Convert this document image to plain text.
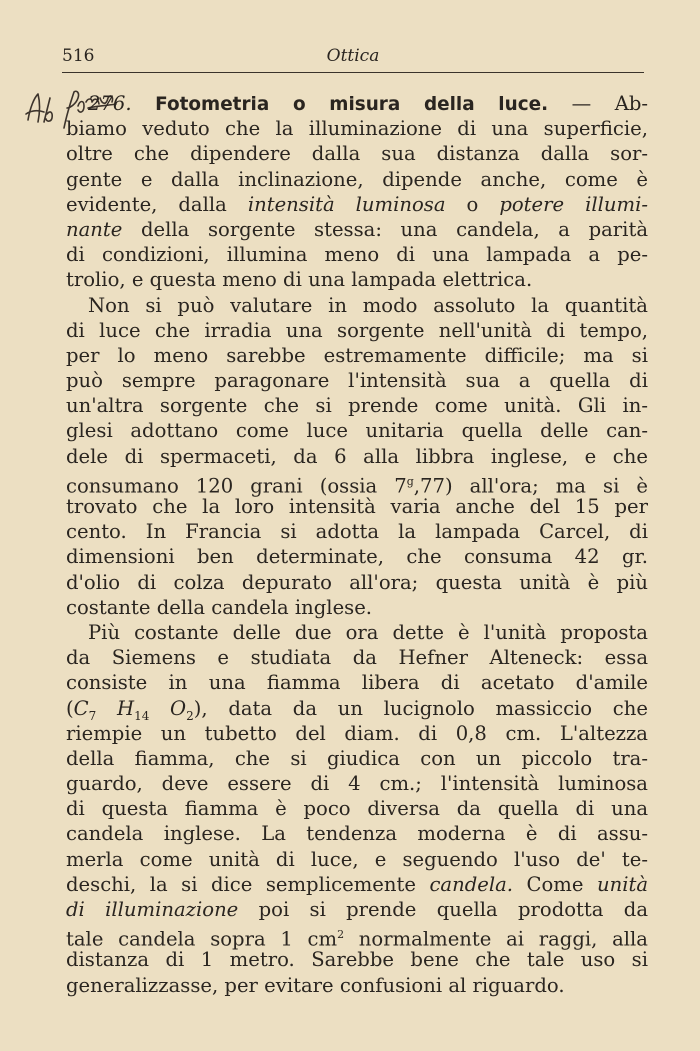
516	Ottica
276. Fotometria o misura della luce. — Ab-
biamo veduto che la illuminazione di una superficie,
oltre che dipendere dalla sua distanza dalla sor-
gente e dalla inclinazione, dipende anche, come è
evidente, dalla intensità luminosa o potere illumi-
nante della sorgente stessa: una candela, a parità
di condizioni, illumina meno di una lampada a pe-
trolio, e questa meno di una lampada elettrica.
Non si può valutare in modo assoluto la quantità
di luce che irradia una sorgente nell'unità di tempo,
per lo meno sarebbe estremamente difficile; ma si
può sempre paragonare l'intensità sua a quella di
un'altra sorgente che si prende come unità. Gli in-
glesi adottano come luce unitaria quella delle can-
dele di spermaceti, da 6 alla libbra inglese, e che
consumano 120 grani (ossia 7$^g$,77) all'ora; ma si è
trovato che la loro intensità varia anche del 15 per
cento. In Francia si adotta la lampada Carcel, di
dimensioni ben determinate, che consuma 42 gr.
d'olio di colza depurato all'ora; questa unità è più
costante della candela inglese.
Più costante delle due ora dette è l'unità proposta
da Siemens e studiata da Hefner Alteneck: essa
consiste in una fiamma libera di acetato d'amile
($C_7$ $H_{14}$ $O_2$), data da un lucignolo massiccio che
riempie un tubetto del diam. di 0,8 cm. L'altezza
della fiamma, che si giudica con un piccolo tra-
guardo, deve essere di 4 cm.; l'intensità luminosa
di questa fiamma è poco diversa da quella di una
candela inglese. La tendenza moderna è di assu-
merla come unità di luce, e seguendo l'uso de' te-
deschi, la si dice semplicemente candela. Come unità
di illuminazione poi si prende quella prodotta da
tale candela sopra 1 $cm^2$ normalmente ai raggi, alla
distanza di 1 metro. Sarebbe bene che tale uso si
generalizzasse, per evitare confusioni al riguardo.
